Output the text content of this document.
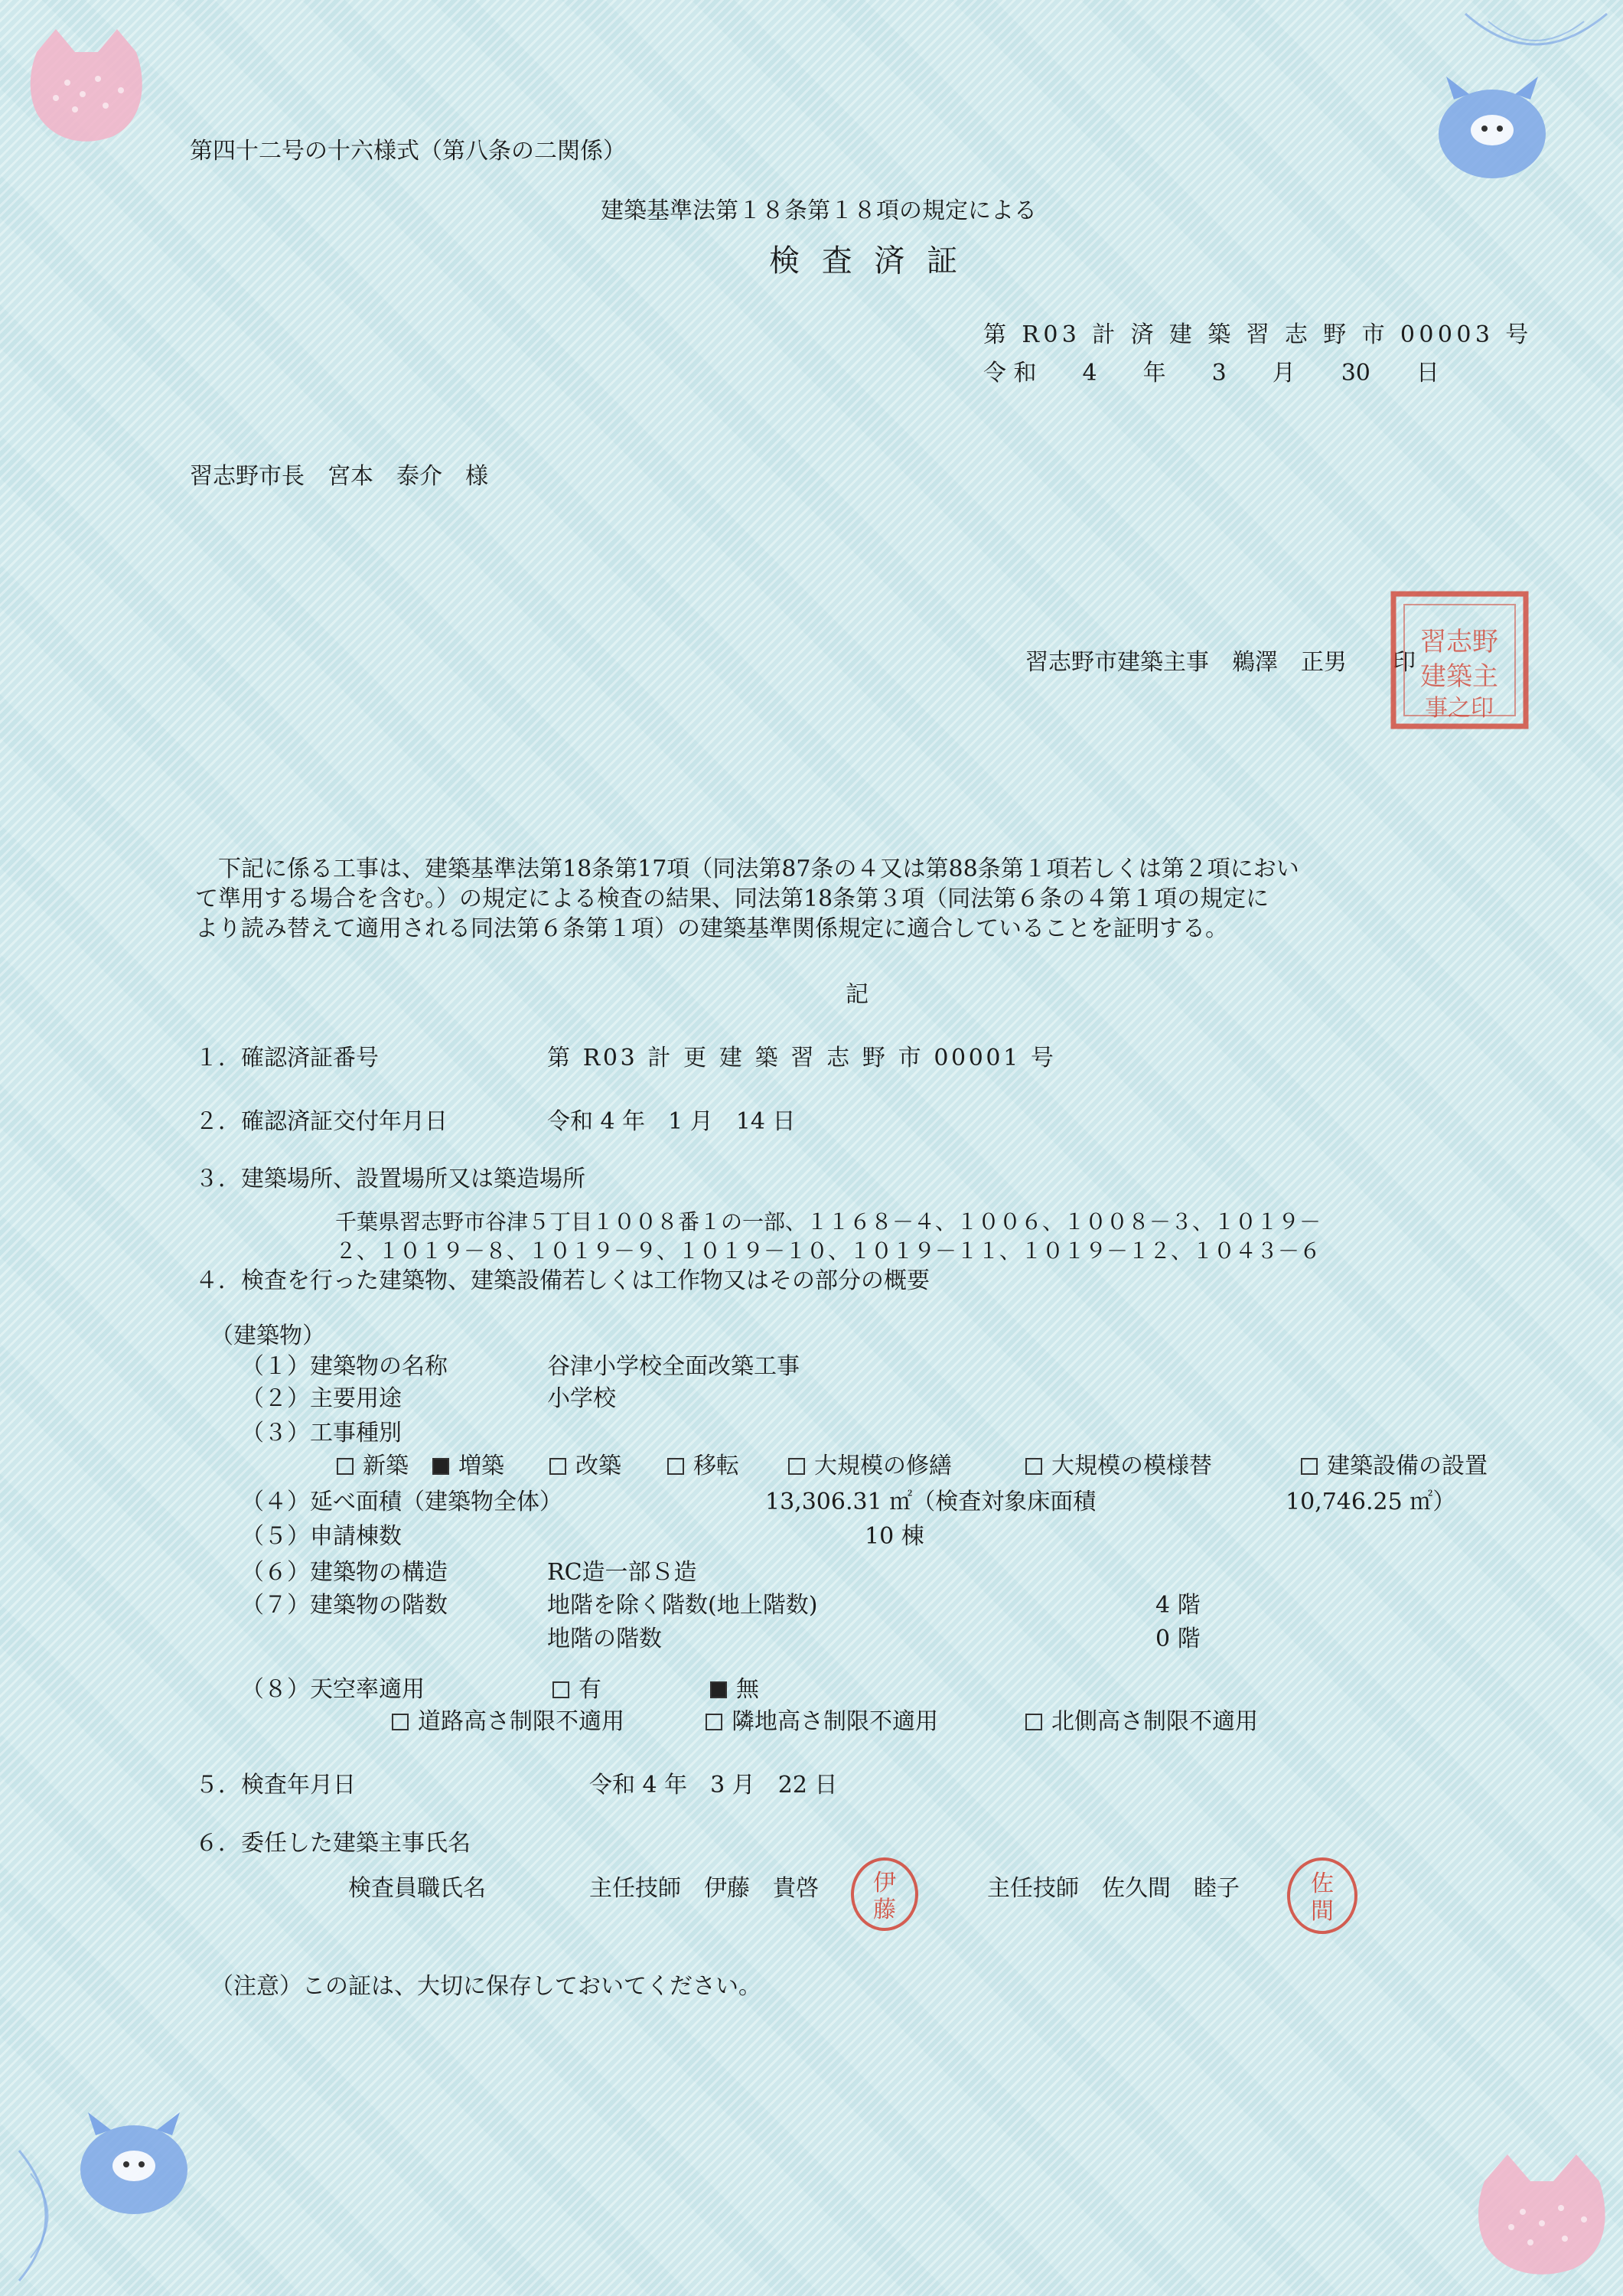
第四十二号の十六様式（第八条の二関係）
建築基準法第１８条第１８項の規定による
検 査 済 証
第 R03 計 済 建 築 習 志 野 市 00003 号
令 和　　4　　年　　3　　月　　30　　日
習志野市長　宮本　泰介　様
習志野市建築主事　鵜澤　正男　　印
習志野
建築主
事之印
　下記に係る工事は、建築基準法第18条第17項（同法第87条の４又は第88条第１項若しくは第２項におい
て準用する場合を含む。）の規定による検査の結果、同法第18条第３項（同法第６条の４第１項の規定に
より読み替えて適用される同法第６条第１項）の建築基準関係規定に適合していることを証明する。
記
１．確認済証番号	第 R03 計 更 建 築 習 志 野 市 00001 号
２．確認済証交付年月日	令和 4 年　1 月　14 日
３．建築場所、設置場所又は築造場所
千葉県習志野市谷津５丁目１００８番１の一部、１１６８－４、１００６、１００８－３、１０１９－
２、１０１９－８、１０１９－９、１０１９－１０、１０１９－１１、１０１９－１２、１０４３－６
４．検査を行った建築物、建築設備若しくは工作物又はその部分の概要
（建築物）
（１）建築物の名称	谷津小学校全面改築工事
（２）主要用途	小学校
（３）工事種別
新築	増築	改築	移転	大規模の修繕	大規模の模様替	建築設備の設置
（４）延べ面積（建築物全体）	13,306.31 ㎡（検査対象床面積	10,746.25 ㎡）
（５）申請棟数	10 棟
（６）建築物の構造	RC造一部Ｓ造
（７）建築物の階数	地階を除く階数(地上階数)	4 階
地階の階数	0 階
（８）天空率適用	有	無
道路高さ制限不適用	隣地高さ制限不適用	北側高さ制限不適用
５．検査年月日	令和 4 年　3 月　22 日
６．委任した建築主事氏名
検査員職氏名	主任技師　伊藤　貴啓	主任技師　佐久間　睦子
伊
藤
佐
間
（注意）この証は、大切に保存しておいてください。
